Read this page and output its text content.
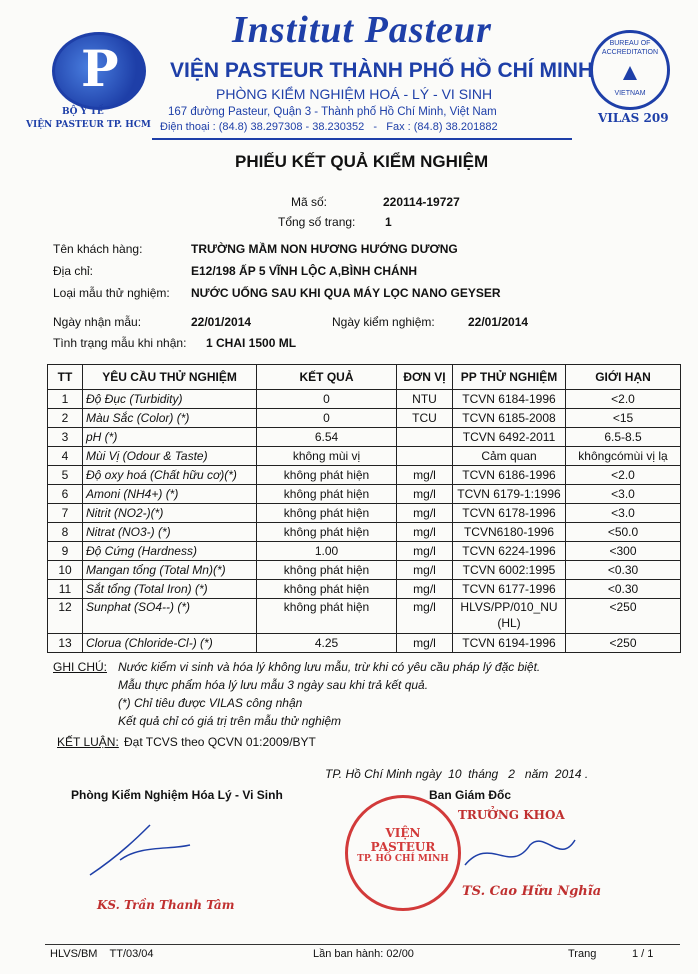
P
BỘ Y TẾ
VIỆN PASTEUR TP. HCM
Institut Pasteur
VIỆN PASTEUR THÀNH PHỐ HỒ CHÍ MINH
PHÒNG KIỂM NGHIỆM HOÁ - LÝ - VI SINH
167 đường Pasteur, Quận 3 - Thành phố Hồ Chí Minh, Việt Nam
Điện thoại : (84.8) 38.297308 - 38.230352   -   Fax : (84.8) 38.201882
BUREAU OF ACCREDITATION
▲
VIETNAM
VILAS 209
PHIẾU KẾT QUẢ KIỂM NGHIỆM
Mã số:	220114-19727
Tổng số trang: 1
Tên khách hàng:	TRƯỜNG MẦM NON HƯƠNG HƯỚNG DƯƠNG
Địa chỉ:	E12/198 ẤP 5 VĨNH LỘC A,BÌNH CHÁNH
Loại mẫu thử nghiệm: NƯỚC UỐNG SAU KHI QUA MÁY LỌC NANO GEYSER
Ngày nhận mẫu:	22/01/2014	Ngày kiểm nghiệm:	22/01/2014
Tình trạng mẫu khi nhận: 1 CHAI 1500 ML
TT	YÊU CẦU THỬ NGHIỆM	KẾT QUẢ	ĐƠN VỊ	PP THỬ NGHIỆM	GIỚI HẠN
1	Độ Đục (Turbidity)	0	NTU	TCVN 6184-1996	<2.0
2	Màu Sắc (Color) (*)	0	TCU	TCVN 6185-2008	<15
3	pH (*)	6.54		TCVN 6492-2011	6.5-8.5
4	Mùi Vị (Odour & Taste)	không mùi vị		Cảm quan	khôngcómùi vị lạ
5	Độ oxy hoá (Chất hữu cơ)(*)	không phát hiện	mg/l	TCVN 6186-1996	<2.0
6	Amoni (NH4+) (*)	không phát hiện	mg/l	TCVN 6179-1:1996	<3.0
7	Nitrit (NO2-)(*)	không phát hiện	mg/l	TCVN 6178-1996	<3.0
8	Nitrat (NO3-) (*)	không phát hiện	mg/l	TCVN6180-1996	<50.0
9	Độ Cứng (Hardness)	1.00	mg/l	TCVN 6224-1996	<300
10	Mangan tổng (Total Mn)(*)	không phát hiện	mg/l	TCVN 6002:1995	<0.30
11	Sắt tổng (Total Iron) (*)	không phát hiện	mg/l	TCVN 6177-1996	<0.30
12	Sunphat (SO4--) (*)	không phát hiện	mg/l	HLVS/PP/010_NU(HL)	<250
13	Clorua (Chloride-Cl-) (*)	4.25	mg/l	TCVN 6194-1996	<250
GHI CHÚ: Nước kiểm vi sinh và hóa lý không lưu mẫu, trừ khi có yêu cầu pháp lý đặc biệt.
Mẫu thực phẩm hóa lý lưu mẫu 3 ngày sau khi trả kết quả.
(*) Chỉ tiêu được VILAS công nhận
Kết quả chỉ có giá trị trên mẫu thử nghiệm
KẾT LUẬN: Đạt TCVS theo QCVN 01:2009/BYT
TP. Hồ Chí Minh ngày  10  tháng   2   năm  2014 .
Phòng Kiểm Nghiệm Hóa Lý - Vi Sinh	Ban Giám Đốc
KS. Trần Thanh Tâm
VIỆN
PASTEUR
TP. HỒ CHÍ MINH
TRƯỞNG KHOA
TS. Cao Hữu Nghĩa
HLVS/BM    TT/03/04	Lần ban hành: 02/00	Trang	1 / 1
